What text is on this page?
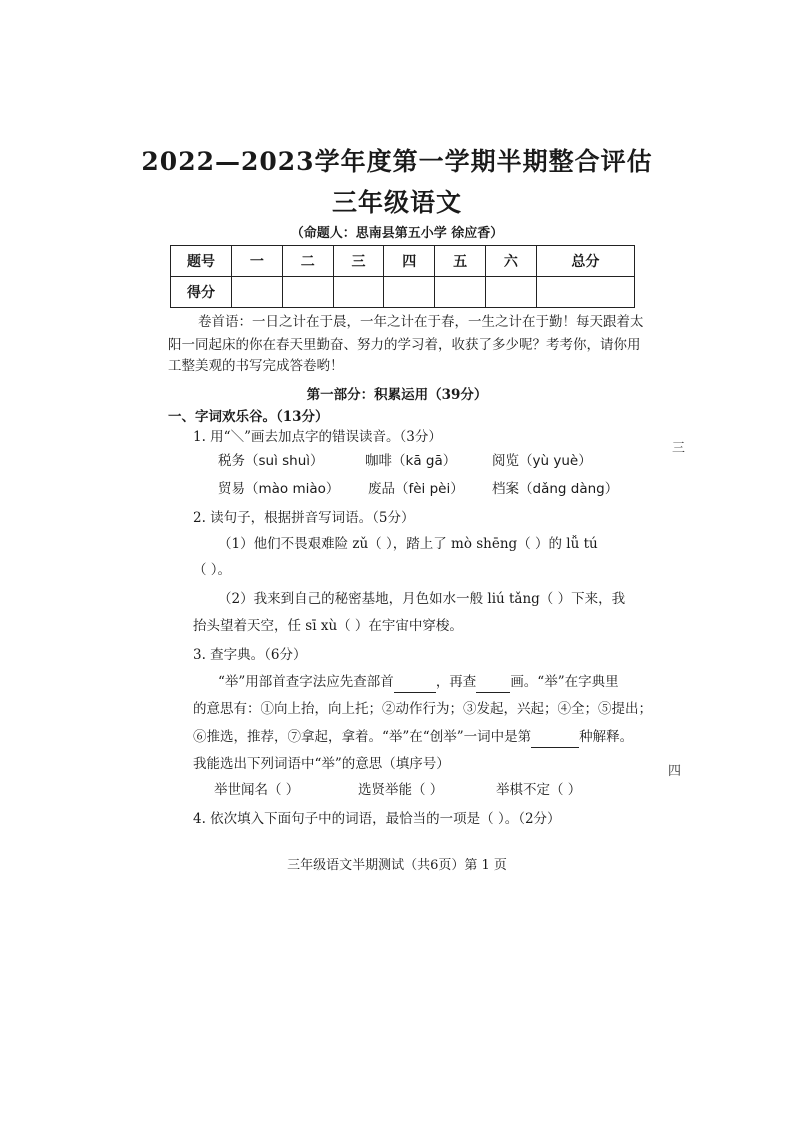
2022—2023学年度第一学期半期整合评估
三年级语文
（命题人：思南县第五小学 徐应香）
题号	一	二	三	四	五	六	总分
得分							
卷首语：一日之计在于晨，一年之计在于春，一生之计在于勤！每天跟着太
阳一同起床的你在春天里勤奋、努力的学习着，收获了多少呢？考考你，请你用
工整美观的书写完成答卷哟！
第一部分：积累运用（39分）
一、字词欢乐谷。（13分）
1. 用“＼”画去加点字的错误读音。（3分）
税务（suì shuì）	咖啡（kā gā）	阅览（yù yuè）
贸易（mào miào） 废品（fèi pèi） 档案（dǎng dàng）
2. 读句子，根据拼音写词语。（5分）
（1）他们不畏艰难险 zǔ（ ），踏上了 mò shēng（ ）的 lǚ tú
（ ）。
（2）我来到自己的秘密基地，月色如水一般 liú tǎng（ ）下来，我
抬头望着天空，任 sī xù（ ）在宇宙中穿梭。
3. 查字典。（6分）
“举”用部首查字法应先查部首	，再查	画。“举”在字典里
的意思有：①向上抬，向上托；②动作行为；③发起，兴起；④全；⑤提出；
⑥推选，推荐，⑦拿起，拿着。“举”在“创举”一词中是第	种解释。
我能选出下列词语中“举”的意思（填序号）
举世闻名（ ）	选贤举能（ ）	举棋不定（ ）
4. 依次填入下面句子中的词语，最恰当的一项是（ ）。（2分）
三年级语文半期测试（共6页）第 1 页
三
四
